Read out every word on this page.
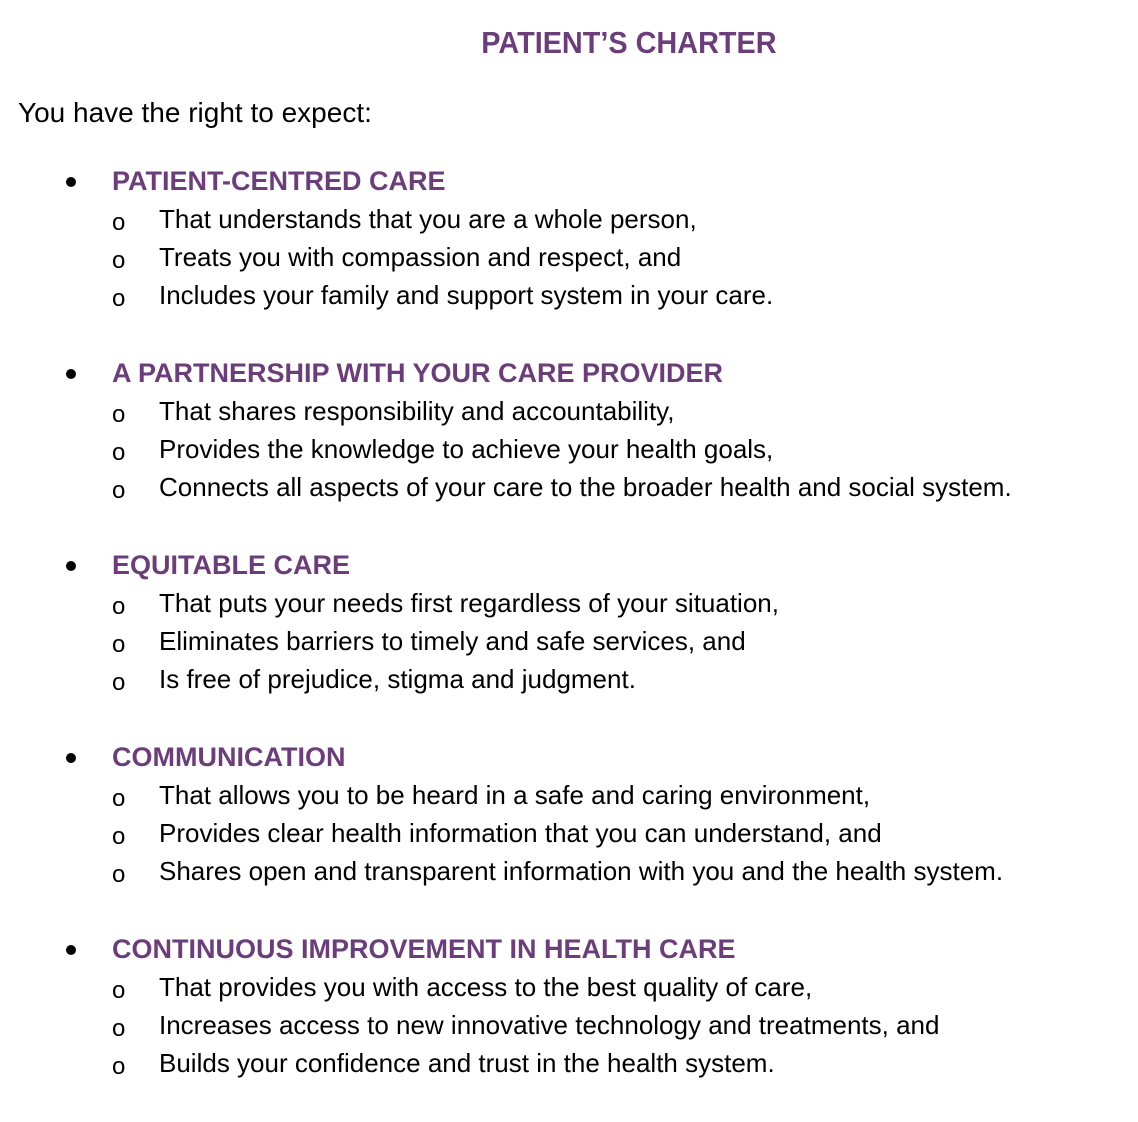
PATIENT’S CHARTER
You have the right to expect:
PATIENT-CENTRED CARE
o That understands that you are a whole person,
o Treats you with compassion and respect, and
o Includes your family and support system in your care.
A PARTNERSHIP WITH YOUR CARE PROVIDER
o That shares responsibility and accountability,
o Provides the knowledge to achieve your health goals,
o Connects all aspects of your care to the broader health and social system.
EQUITABLE CARE
o That puts your needs first regardless of your situation,
o Eliminates barriers to timely and safe services, and
o Is free of prejudice, stigma and judgment.
COMMUNICATION
o That allows you to be heard in a safe and caring environment,
o Provides clear health information that you can understand, and
o Shares open and transparent information with you and the health system.
CONTINUOUS IMPROVEMENT IN HEALTH CARE
o That provides you with access to the best quality of care,
o Increases access to new innovative technology and treatments, and
o Builds your confidence and trust in the health system.
